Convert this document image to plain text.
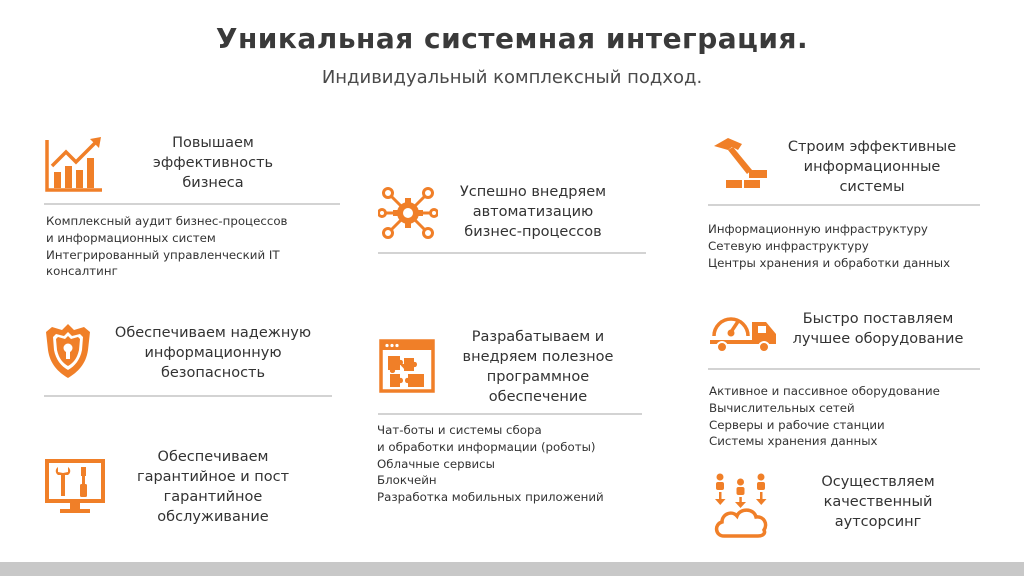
Уникальная системная интеграция.
Индивидуальный комплексный подход.
Повышаем
эффективность
бизнеса
Комплексный аудит бизнес-процессов
и информационных систем
Интегрированный управленческий IT
консалтинг
Обеспечиваем надежную
информационную
безопасность
Обеспечиваем
гарантийное и пост
гарантийное
обслуживание
Успешно внедряем
автоматизацию
бизнес-процессов
Разрабатываем и
внедряем полезное
программное
обеспечение
Чат-боты и системы сбора
и обработки информации (роботы)
Облачные сервисы
Блокчейн
Разработка мобильных приложений
Строим эффективные
информационные
системы
Информационную инфраструктуру
Сетевую инфраструктуру
Центры хранения и обработки данных
Быстро поставляем
лучшее оборудование
Активное и пассивное оборудование
Вычислительных сетей
Серверы и рабочие станции
Системы хранения данных
Осуществляем
качественный
аутсорсинг
